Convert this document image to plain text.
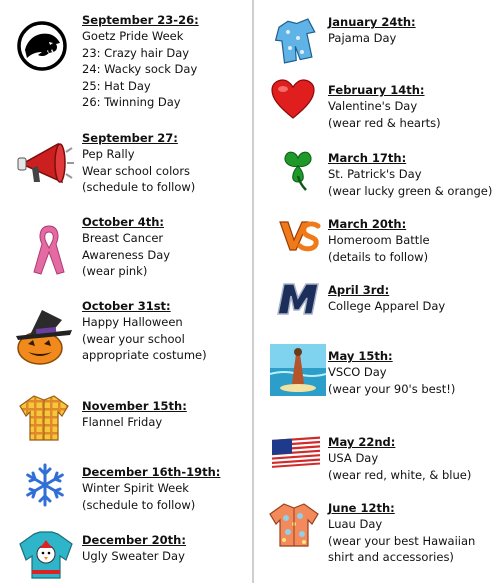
September 23-26:
Goetz Pride Week
23: Crazy hair Day
24: Wacky sock Day
25: Hat Day
26: Twinning Day
September 27:
Pep Rally
Wear school colors
(schedule to follow)
October 4th:
Breast Cancer
Awareness Day
(wear pink)
October 31st:
Happy Halloween
(wear your school
appropriate costume)
November 15th:
Flannel Friday
December 16th-19th:
Winter Spirit Week
(schedule to follow)
December 20th:
Ugly Sweater Day
January 24th:
Pajama Day
February 14th:
Valentine's Day
(wear red & hearts)
March 17th:
St. Patrick's Day
(wear lucky green & orange)
March 20th:
Homeroom Battle
(details to follow)
April 3rd:
College Apparel Day
May 15th:
VSCO Day
(wear your 90's best!)
May 22nd:
USA Day
(wear red, white, & blue)
June 12th:
Luau Day
(wear your best Hawaiian
shirt and accessories)
